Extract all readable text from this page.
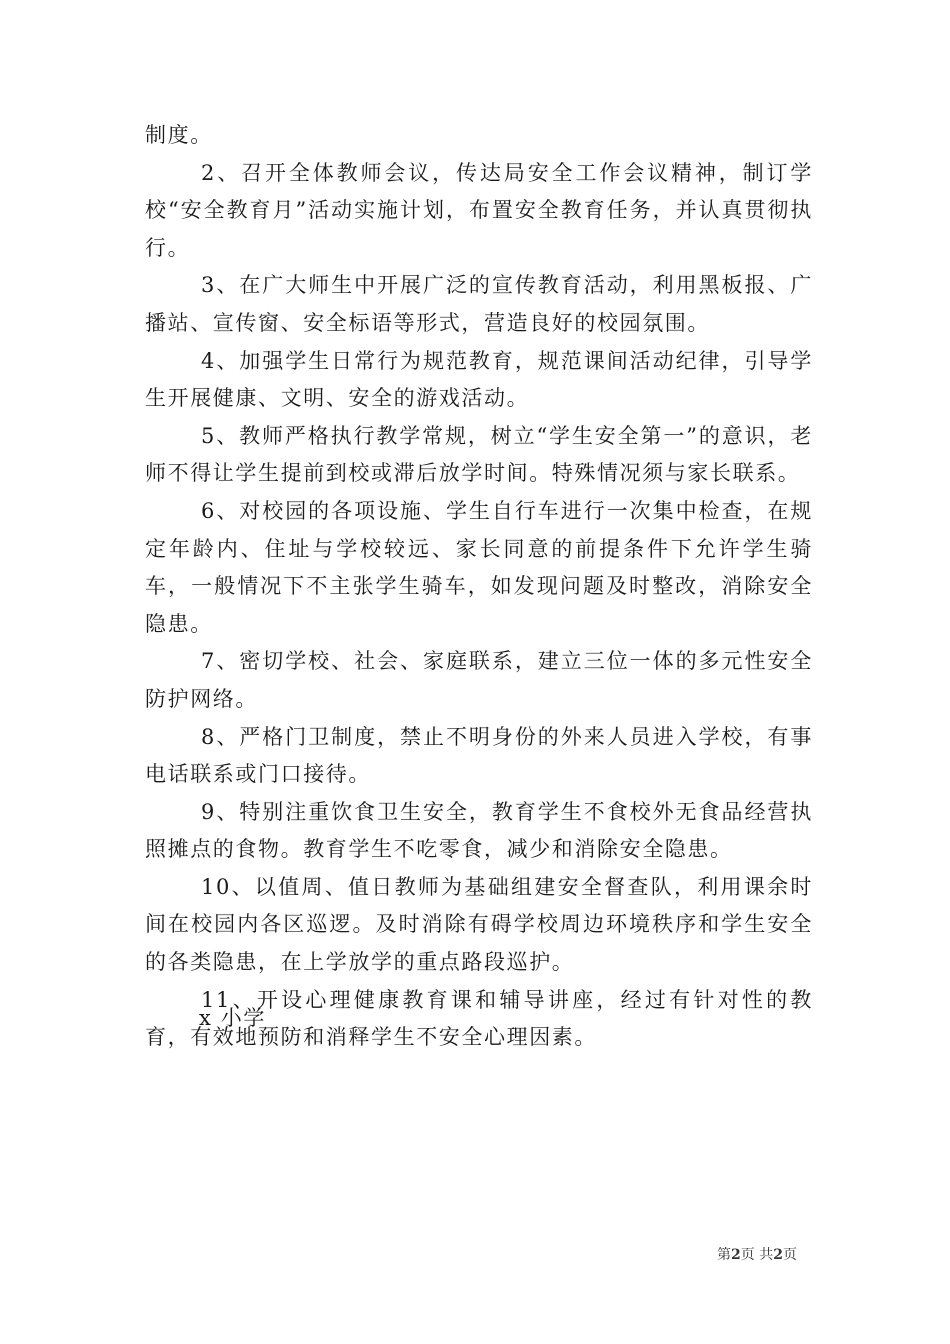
制度。

2、召开全体教师会议，传达局安全工作会议精神，制订学校“安全教育月”活动实施计划，布置安全教育任务，并认真贯彻执行。

3、在广大师生中开展广泛的宣传教育活动，利用黑板报、广播站、宣传窗、安全标语等形式，营造良好的校园氛围。

4、加强学生日常行为规范教育，规范课间活动纪律，引导学生开展健康、文明、安全的游戏活动。

5、教师严格执行教学常规，树立“学生安全第一”的意识，老师不得让学生提前到校或滞后放学时间。特殊情况须与家长联系。

6、对校园的各项设施、学生自行车进行一次集中检查，在规定年龄内、住址与学校较远、家长同意的前提条件下允许学生骑车，一般情况下不主张学生骑车，如发现问题及时整改，消除安全隐患。

7、密切学校、社会、家庭联系，建立三位一体的多元性安全防护网络。

8、严格门卫制度，禁止不明身份的外来人员进入学校，有事电话联系或门口接待。

9、特别注重饮食卫生安全，教育学生不食校外无食品经营执照摊点的食物。教育学生不吃零食，减少和消除安全隐患。

10、以值周、值日教师为基础组建安全督查队，利用课余时间在校园内各区巡逻。及时消除有碍学校周边环境秩序和学生安全的各类隐患，在上学放学的重点路段巡护。

11、开设心理健康教育课和辅导讲座，经过有针对性的教育，有效地预防和消释学生不安全心理因素。

x 小学
第2页 共2页
